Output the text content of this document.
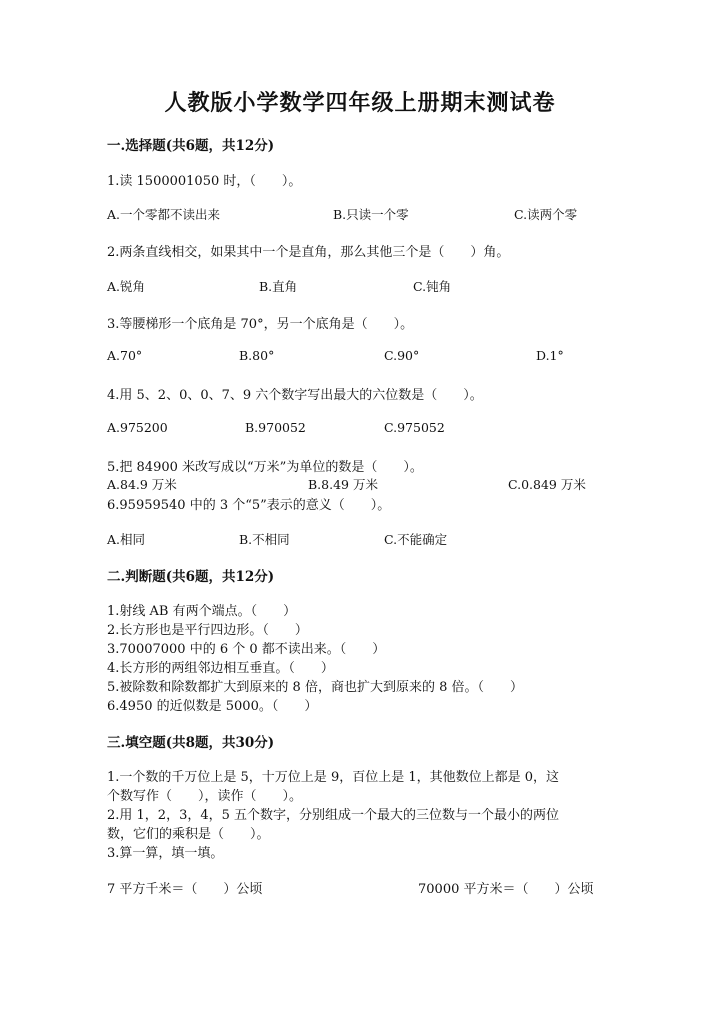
人教版小学数学四年级上册期末测试卷
一.选择题(共6题，共12分)
1.读 1500001050 时，（　　）。
A.一个零都不读出来	B.只读一个零	C.读两个零
2.两条直线相交，如果其中一个是直角，那么其他三个是（　　）角。
A.锐角	B.直角	C.钝角
3.等腰梯形一个底角是 70°，另一个底角是（　　）。
A.70°	B.80°	C.90°	D.1°
4.用 5、2、0、0、7、9 六个数字写出最大的六位数是（　　）。
A.975200	B.970052	C.975052
5.把 84900 米改写成以“万米”为单位的数是（　　）。
A.84.9 万米	B.8.49 万米	C.0.849 万米
6.95959540 中的 3 个“5”表示的意义（　　）。
A.相同	B.不相同	C.不能确定
二.判断题(共6题，共12分)
1.射线 AB 有两个端点。（　　）
2.长方形也是平行四边形。（　　）
3.70007000 中的 6 个 0 都不读出来。（　　）
4.长方形的两组邻边相互垂直。（　　）
5.被除数和除数都扩大到原来的 8 倍，商也扩大到原来的 8 倍。（　　）
6.4950 的近似数是 5000。（　　）
三.填空题(共8题，共30分)
1.一个数的千万位上是 5，十万位上是 9，百位上是 1，其他数位上都是 0，这
个数写作（　　），读作（　　）。
2.用 1，2，3，4，5 五个数字，分别组成一个最大的三位数与一个最小的两位
数，它们的乘积是（　　）。
3.算一算，填一填。
7 平方千米＝（　　）公顷	70000 平方米＝（　　）公顷
